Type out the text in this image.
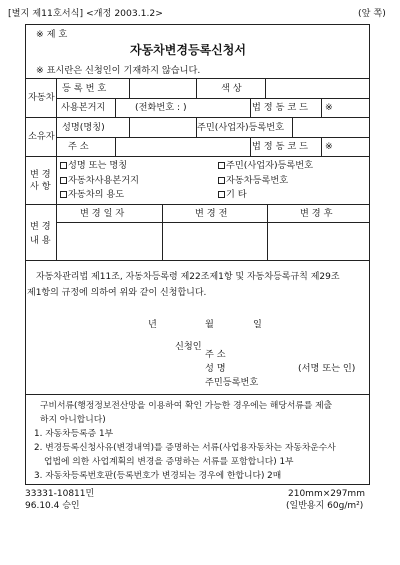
[별지 제11호서식] <개정 2003.1.2>	(앞 쪽)
※ 제 호
자동차변경등록신청서
※ 표시란은 신청인이 기재하지 않습니다.
자동차
등 록 번 호	색 상
사용본거지	(전화번호 : )	법 정 동 코 드 ※
소유자
성명(명칭)	주민(사업자)등록번호
주 소	법 정 동 코 드 ※
변 경
사 항
성명 또는 명칭	주민(사업자)등록번호
자동차사용본거지	자동차등록번호
자동차의 용도	기 타
변 경
내 용
변 경 일 자	변 경 전	변 경 후
자동차관리법 제11조, 자동차등록령 제22조제1항 및 자동차등록규칙 제29조
제1항의 규정에 의하여 위와 같이 신청합니다.
년	월	일
신청인
주 소
성 명	(서명 또는 인)
주민등록번호
구비서류(행정정보전산망을 이용하여 확인 가능한 경우에는 해당서류를 제출
하지 아니합니다)
1. 자동차등록증 1부
2. 변경등록신청사유(변경내역)를 증명하는 서류(사업용자동차는 자동차운수사
업법에 의한 사업계획의 변경을 증명하는 서류를 포함합니다) 1부
3. 자동차등록번호판(등록번호가 변경되는 경우에 한합니다) 2매
33331-10811민
96.10.4 승인
210mm×297mm
(일반용지 60g/m²)
